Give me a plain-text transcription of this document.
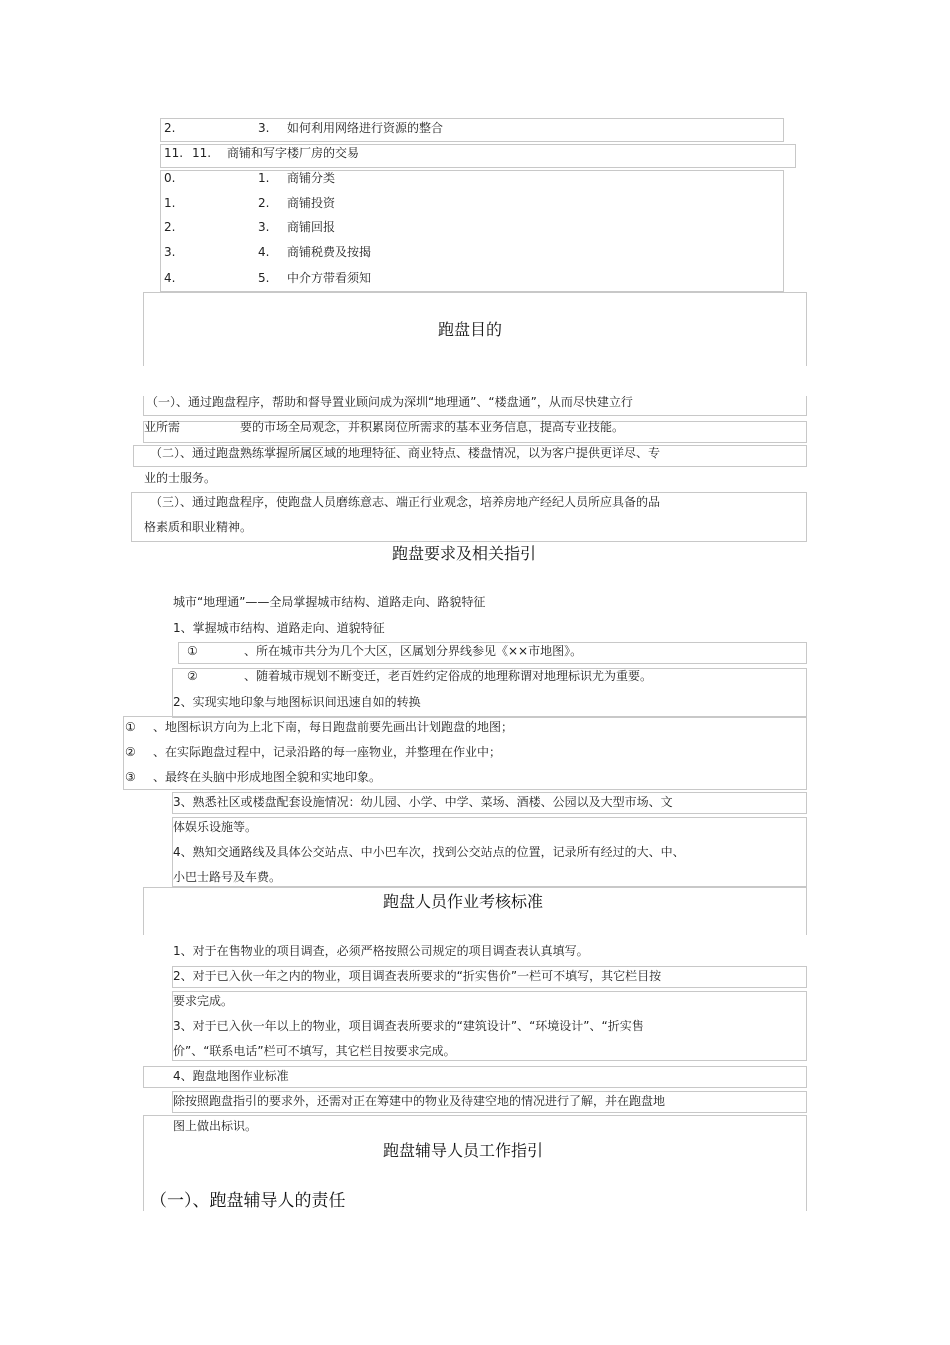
2.	3. 如何利用网络进行资源的整合
11. 11. 商铺和写字楼厂房的交易
0.	1. 商铺分类
1.	2. 商铺投资
2.	3. 商铺回报
3.	4. 商铺税费及按揭
4.	5. 中介方带看须知
跑盘目的
（一）、通过跑盘程序，帮助和督导置业顾问成为深圳“地理通”、“楼盘通”，从而尽快建立行
业所需	要的市场全局观念，并积累岗位所需求的基本业务信息，提高专业技能。
（二）、通过跑盘熟练掌握所属区域的地理特征、商业特点、楼盘情况，以为客户提供更详尽、专
业的士服务。
（三）、通过跑盘程序，使跑盘人员磨练意志、端正行业观念，培养房地产经纪人员所应具备的品
格素质和职业精神。
跑盘要求及相关指引
城市“地理通”——全局掌握城市结构、道路走向、路貌特征
1、掌握城市结构、道路走向、道貌特征
①	、所在城市共分为几个大区，区属划分界线参见《××市地图》。
②	、随着城市规划不断变迁，老百姓约定俗成的地理称谓对地理标识尤为重要。
2、实现实地印象与地图标识间迅速自如的转换
① 、地图标识方向为上北下南，每日跑盘前要先画出计划跑盘的地图；
② 、在实际跑盘过程中，记录沿路的每一座物业，并整理在作业中；
③ 、最终在头脑中形成地图全貌和实地印象。
3、熟悉社区或楼盘配套设施情况：幼儿园、小学、中学、菜场、酒楼、公园以及大型市场、文
体娱乐设施等。
4、熟知交通路线及具体公交站点、中小巴车次，找到公交站点的位置，记录所有经过的大、中、
小巴士路号及车费。
跑盘人员作业考核标准
1、对于在售物业的项目调查，必须严格按照公司规定的项目调查表认真填写。
2、对于已入伙一年之内的物业，项目调查表所要求的“折实售价”一栏可不填写，其它栏目按
要求完成。
3、对于已入伙一年以上的物业，项目调查表所要求的“建筑设计”、“环境设计”、“折实售
价”、“联系电话”栏可不填写，其它栏目按要求完成。
4、跑盘地图作业标准
除按照跑盘指引的要求外，还需对正在筹建中的物业及待建空地的情况进行了解，并在跑盘地
图上做出标识。
跑盘辅导人员工作指引
（一）、跑盘辅导人的责任
